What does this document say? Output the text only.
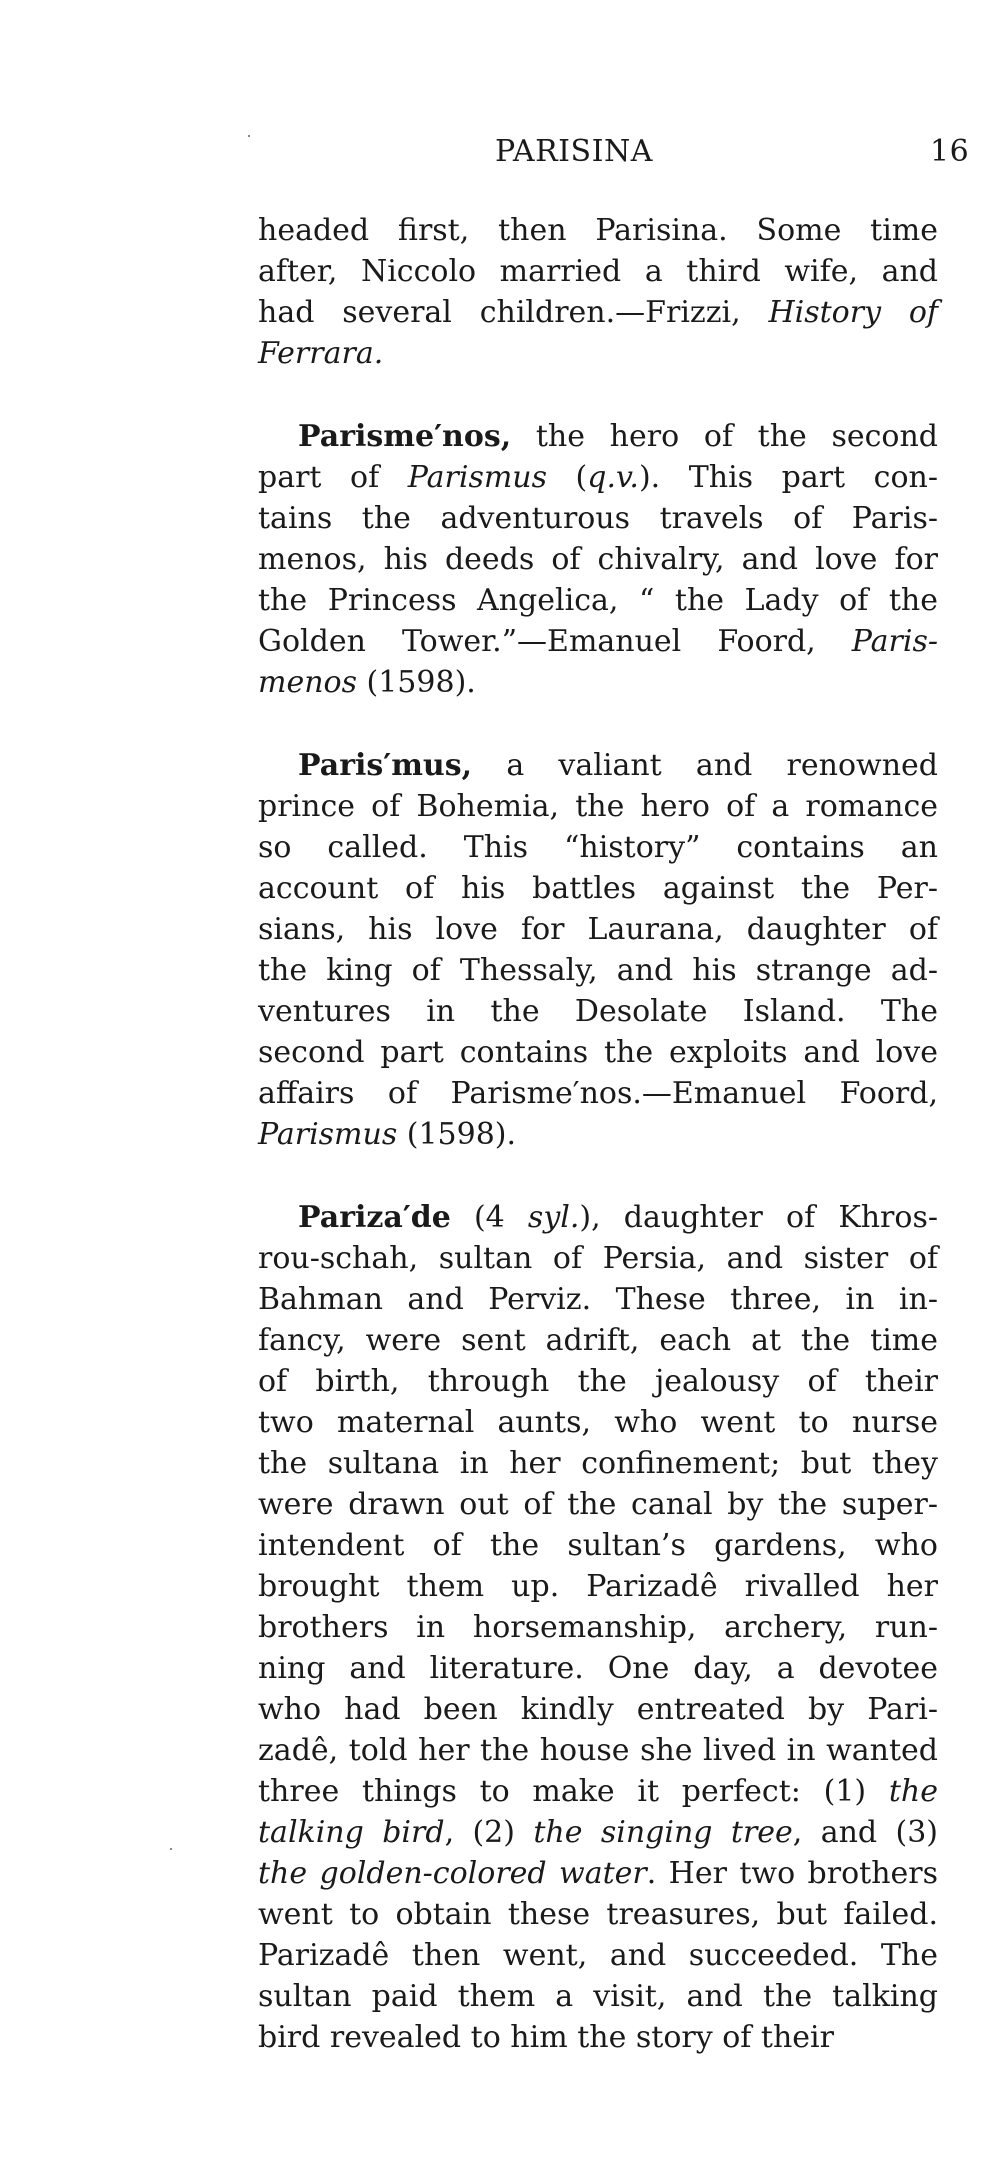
PARISINA	16
headed first, then Parisina. Some time
after, Niccolo married a third wife, and
had several children.—Frizzi, History of
Ferrara.
Parisme′nos, the hero of the second
part of Parismus (q.v.). This part con-
tains the adventurous travels of Paris-
menos, his deeds of chivalry, and love for
the Princess Angelica, “ the Lady of the
Golden Tower.”—Emanuel Foord, Paris-
menos (1598).
Paris′mus, a valiant and renowned
prince of Bohemia, the hero of a romance
so called. This “history” contains an
account of his battles against the Per-
sians, his love for Laurana, daughter of
the king of Thessaly, and his strange ad-
ventures in the Desolate Island. The
second part contains the exploits and love
affairs of Parisme′nos.—Emanuel Foord,
Parismus (1598).
Pariza′de (4 syl.), daughter of Khros-
rou-schah, sultan of Persia, and sister of
Bahman and Perviz. These three, in in-
fancy, were sent adrift, each at the time
of birth, through the jealousy of their
two maternal aunts, who went to nurse
the sultana in her confinement; but they
were drawn out of the canal by the super-
intendent of the sultan’s gardens, who
brought them up. Parizadê rivalled her
brothers in horsemanship, archery, run-
ning and literature. One day, a devotee
who had been kindly entreated by Pari-
zadê, told her the house she lived in wanted
three things to make it perfect: (1) the
talking bird, (2) the singing tree, and (3)
the golden-colored water. Her two brothers
went to obtain these treasures, but failed.
Parizadê then went, and succeeded. The
sultan paid them a visit, and the talking
bird revealed to him the story of their
